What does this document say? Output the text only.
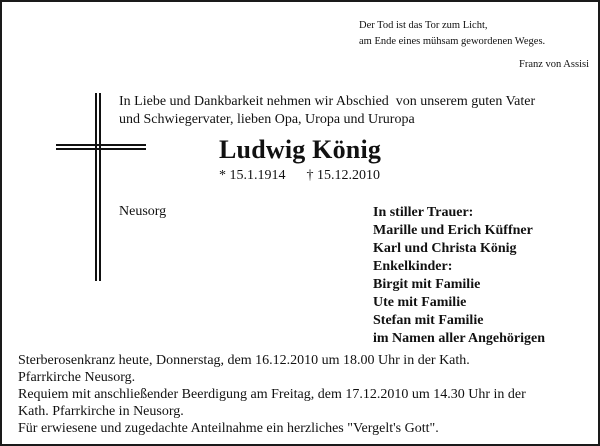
Der Tod ist das Tor zum Licht,
am Ende eines mühsam gewordenen Weges.
Franz von Assisi
In Liebe und Dankbarkeit nehmen wir Abschied  von unserem guten Vater
und Schwiegervater, lieben Opa, Uropa und Ururopa
Ludwig König
* 15.1.1914 † 15.12.2010
Neusorg	In stiller Trauer:
Marille und Erich Küffner
Karl und Christa König
Enkelkinder:
Birgit mit Familie
Ute mit Familie
Stefan mit Familie
im Namen aller Angehörigen
Sterberosenkranz heute, Donnerstag, dem 16.12.2010 um 18.00 Uhr in der Kath.
Pfarrkirche Neusorg.
Requiem mit anschließender Beerdigung am Freitag, dem 17.12.2010 um 14.30 Uhr in der
Kath. Pfarrkirche in Neusorg.
Für erwiesene und zugedachte Anteilnahme ein herzliches "Vergelt's Gott".
